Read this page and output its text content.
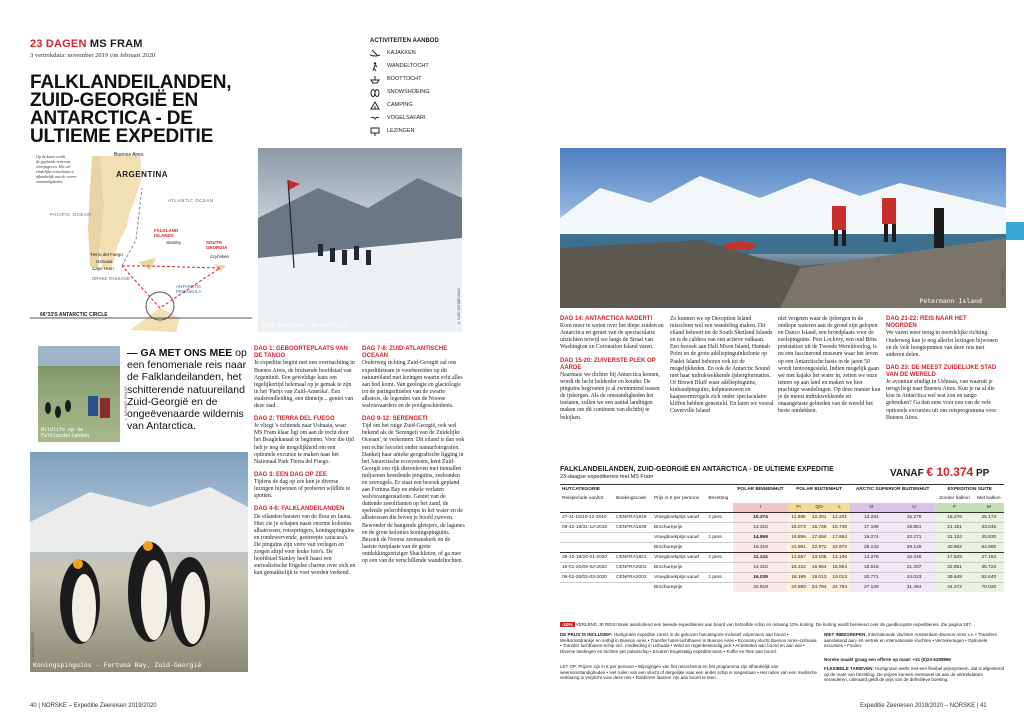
23 DAGEN MS FRAM
3 vertrekdata: november 2019 t/m februari 2020
FALKLANDEILANDEN, ZUID-GEORGIË EN ANTARCTICA - DE ULTIEME EXPEDITIE
ACTIVITEITEN AANBOD
KAJAKKEN
WANDELTOCHT
BOOTTOCHT
SNOWSHOEING
CAMPING
VOGELSAFARI
LEZINGEN
Op de kaart wordt de geplande reisroute weergegeven. Het uit-eindelijke reisschema is afhankelijk van de weers-omstandigheden.
Buenos Aires
ARGENTINA
ATLANTIC OCEAN
PACIFIC OCEAN
FALKLAND ISLANDS
Stanley	SOUTH GEORGIA
Grytviken
Tierra del Fuego
Ushuaia
Cape Horn
DRAKE PASSAGE
ANTARCTIC PENINSULA
66°33'S ANTARCTIC CIRCLE
Orne Harbour, Antarctica
© KARI SCHIBEVAAG
Wildlife op de Falklandeilanden
© MICHAEL TEALER
— GA MET ONS MEE op een fenomenale reis naar de Falklandeilanden, het schitterende natuureiland Zuid-Georgië en de ongeëvenaarde wildernis van Antarctica.
Koningspinguïns - Fortuna Bay, Zuid-Georgië
© BRIAN BORRIS
DAG 1: GEBOORTEPLAATS VAN DE TANGO

Je expeditie begint met een overnachting in Buenos Aires, de bruisende hoofdstad van Argentinië. Een geweldige kans om tegelijkertijd helemaal op je gemak te zijn in het 'Parijs van Zuid-Amerika'. Een stadsrondleiding, een dinnetje... geniet van deze stad.

DAG 2: TIERRA DEL FUEGO

Je vliegt 's ochtends naar Ushuaia, waar MS Fram klaar ligt om aan de tocht door het Beaglekanaal te beginnen. Voor die tijd heb je nog de mogelijkheid om een optionele excursie te maken naar het Nationaal Park Tierra del Fuego.

DAG 3: EEN DAG OP ZEE

Tijdens de dag op zee kun je diverse lezingen bijwonen of proberen wildlife te spotten.

DAG 4-6: FALKLANDEILANDEN

De eilanden barsten van de flora en fauna. Hier zie je schapen naast enorme kolonies albatrossen, rotsspringers, koningspinguïns en rondzwervende, gestreepte caracara's. De pinguïns zijn verre van verlegen en zorgen altijd voor leuke foto's. De hoofdstad Stanley heeft haast een surrealistische Engelse charme over zich en kan gemakkelijk te voet worden verkend.

DAG 7-8: ZUID-ATLANTISCHE OCEAAN

Onderweg richting Zuid-Georgië zal ons expeditieteam je voorbereiden op dit natuureiland met lezingen waarin echt alles aan bod komt. Van geologie en glaciologie tot de paringsrituelen van de zwarte albatros, de legendes van de Noorse walvisvaarders en de poolgeschiedenis.

DAG 9-12: SERENGETI

Tijd om het ruige Zuid-Georgië, ook wel bekend als de 'Serengeti van de Zuidelijke Oceaan', te verkennen. Dit eiland is dan ook een echte favoriet onder natuurfotografen. Dankzij haar unieke geografische ligging in het Antarctische ecosysteem, kent Zuid-Georgië een rijk dierenleven met tientallen miljoenen broedende pinguïns, zeehonden en zeevogels. Er staat een bezoek gepland aan Fortuna Bay en enkele verlaten walvisvangerstations. Geniet van de duttende zeeolifanten op het zand, de spelende pelsrobbenpups in het water en de albatrossen die boven je hoofd zweven. Bewonder de hangende gletsjers, de lagunes en de grote kolonies koningspinguïns. Bezoek de Noorse zeemanskerk en de laatste rustplaats van de grote ontdekkingsreiziger Shackleton, of ga mee op een van de verschillende wandeltochten.

40 | NORSKE – Expeditie Zeereisen 2019/2020
Petermann Island	© CHARLES BARTIER
DAG 14: ANTARCTICA NADERT!

Kom meer te weten over het diepe zuiden en Antarctica en geniet van de spectaculaire uitzichten terwijl we langs de Straat van Washington en Coronation Island varen.

DAG 15-20: ZUIVERSTE PLEK OP AARDE

Naarmate we dichter bij Antarctica komen, wordt de lucht helderder en kouder. De pinguïns begroeten je al zwemmend tussen de ijsbergen. Als de omstandigheden het toelaten, zullen we een aantal landingen maken om dit continent van dichtbij te bekijken.

Zo kunnen we op Deception Island misschien wel een wandeling maken. Dit eiland behoort tot de South Shetland Islands en is de caldera van een actieve vulkaan. Een bezoek aan Half Moon Island, Hannah Point en de grote adéliepinguïnkolonie op Paulet Island behoren ook tot de mogelijkheden. En ook de Antarctic Sound met haar indrukwekkende ijsbergformaties. Of Brown Bluff waar adéliepinguïns, kinbandpinguïns, kelpmeeuwen en kaapstormvogels zich onder spectaculaire kliffen hebben genesteld. En laten we vooral Cuverville Island

niet vergeten waar de ijsbergen in de ondiepe wateren aan de grond zijn gelopen en Danco Island, een broedplaats voor de ezelspinguïns. Port Lockroy, een oud Brits poststation uit de Tweede Wereldoorlog, is nu een fascinerend museum waar het leven op een Antarctische basis in de jaren 50 wordt tentoongesteld. Indien mogelijk gaan we met kajaks het water in, zetten we onze tenten op aan land en maken we hier prachtige wandelingen. Op deze manier kun je de meest indrukwekkende en onaangetaste gebieden van de wereld het beste ontdekken.

DAG 21-22: REIS NAAR HET NOORDEN

We varen weer terug in noordelijke richting. Onderweg kun je nog allerlei lezingen bijwonen en de vele hoogtepunten van deze reis met anderen delen.

DAG 23: DE MEEST ZUIDELIJKE STAD VAN DE WERELD

Je avontuur eindigt in Ushuaia, van waaruit je terugvliegt naar Buenos Aires. Kun je na al die kou in Antarctica wel wat zon en tango gebruiken? Ga dan eens voor een van de vele optionele excursies uit ons reisprogramma voor Buenos Aires.

FALKLANDEILANDEN, ZUID-GEORGIË EN ANTARCTICA - DE ULTIEME EXPEDITIE
23-daagse expeditiereis met MS Fram	VANAF € 10.374 PP
HUTCATEGORIE				POLAR BINNENHUT	POLAR BUITENHUT			ARCTIC SUPERIOR BUITENHUT		EXPEDITION SUITE	
Reisperiode van/tot	Boekingscode	Prijs in € per persoon	Bezetting							Zonder balkon	Met balkon
				I	FI	QO	L	O	U	F	M
27-11-19/19-12-2019	CENFRA1919	Vroegboekprijs vanaf	2 pers.	10.374	11.695	12.201	12.201	13.281	15.279	16.276	25.174
09-12-19/31-12-2019	CENFRA1939	Brochureprijs		13.310	15.072	15.746	15.746	17.188	19.851	21.181	33.045
		Vroegboekprijs vanaf	1 pers.	14.869	16.896	17.654	17.654	19.274	22.271	31.124	45.830
		Brochureprijs		19.319	21.961	22.972	22.972	25.133	29.129	40.962	64.880
29-12-19/20-01-2020	CENFRA1921	Vroegboekprijs vanaf	2 pers.	11.124	12.557	13.106	13.106	14.278	16.446	17.529	27.184
18-01-20/09-02-2020	CENFRA2001	Brochureprijs		14.310	16.222	16.954	16.954	18.516	21.407	22.851	35.723
09-02-20/02-03-2020	CENFRA2002	Vroegboekprijs vanaf	1 pers.	16.039	18.199	19.013	19.013	20.771	24.023	39.649	52.640
		Brochureprijs		20.819	23.690	24.784	24.784	27.129	31.464	44.272	70.020
-10% VERLENG JE REIS! Boek aansluitend een tweede expeditiereis aan boord van hetzelfde schip en ontvang 10% korting. De korting wordt berekend over de goedkoopste expeditiereis. Zie pagina 187.
DE PRIJS IS INCLUSIEF: Hurtigruten expeditie zoreis in de gekozen hutcategorie inclusief volpension aan boord • Welkomstdrankje en ontbijt in Buenos Aires • Transfer hotel-luchthaven in Buenos Aires • Economy vlucht Buenos Aires–Ushuaia • Transfer luchthaven-schip incl. rondleiding in Ushuaia • Wind en regenbestendig jack • Activiteiten aan boord en aan wal • Diverse landingen en tochten per polairschip • Ervaren Engelstalig expeditie team • Koffie en thee aan boord.
LET OP: Prijzen zijn in € per persoon • Wijzigingen van het reisschema en het programma zijn afhankelijk van weersomstandigheden • Het ruilen van een vlucht of dergelijke naar een ander schip is toegestaan • Het ruilen van een medische verklaring is verplicht voor deze reis • Rubberen laarzen zijn aan boord te leen.
NIET INBEGREPEN: Internationale vluchten Amsterdam–Buenos Aires v.v. • Transfers aansluitend aan- en vertrek en internationale vluchten • Verzekeringen • Optionele excursies • Fooien.
Norske maakt graag een offerte op maat: +31 (0)23-5289896
FLEXIBELE TARIEVEN: Hurtigruten werkt met een flexibel prijssysteem, dat is afgestemd op de mate van bezetting. De prijzen kunnen eventueel tot aan de vertrekdatum veranderen, uiteraard geldt de prijs van de definitieve boeking.
Expeditie Zeereisen 2019/2020 – NORSKE | 41
